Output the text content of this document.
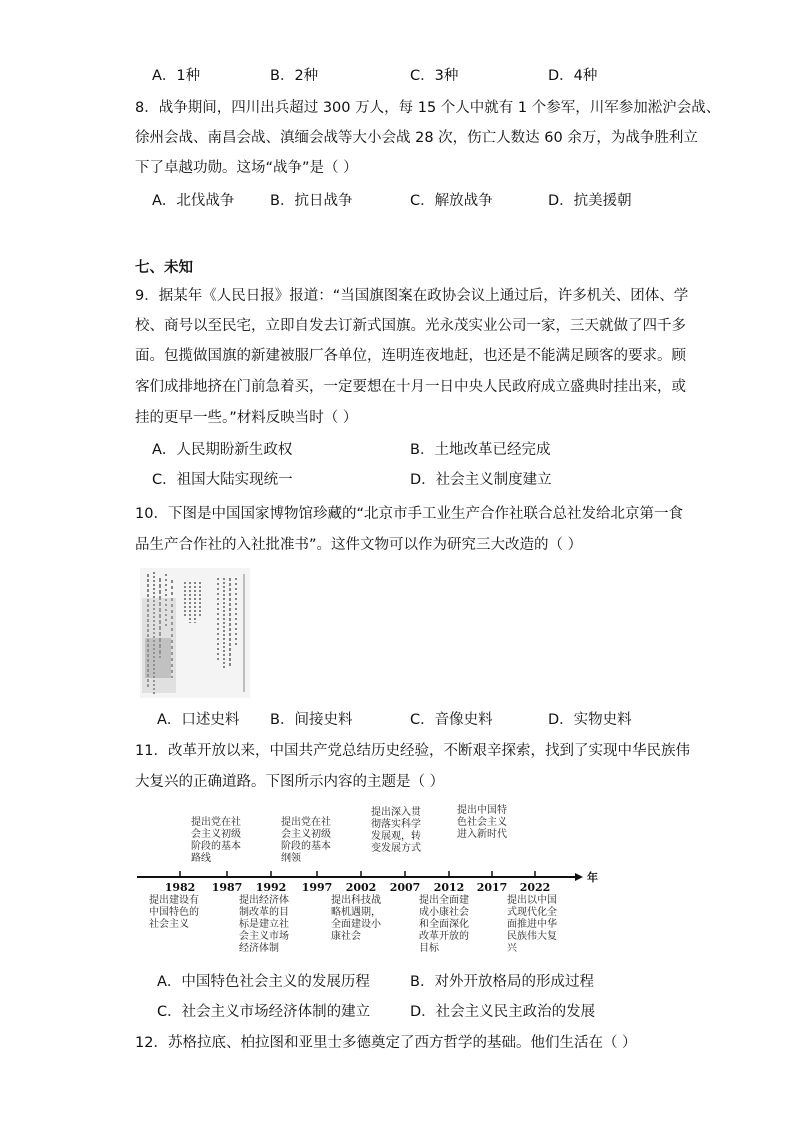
A．1种	B．2种	C．3种	D．4种
8．战争期间，四川出兵超过 300 万人，每 15 个人中就有 1 个参军，川军参加淞沪会战、
徐州会战、南昌会战、滇缅会战等大小会战 28 次，伤亡人数达 60 余万，为战争胜利立
下了卓越功勋。这场“战争”是（ ）
A．北伐战争 B．抗日战争	C．解放战争	D．抗美援朝
七、未知
9．据某年《人民日报》报道：“当国旗图案在政协会议上通过后，许多机关、团体、学
校、商号以至民宅，立即自发去订新式国旗。光永茂实业公司一家，三天就做了四千多
面。包揽做国旗的新建被服厂各单位，连明连夜地赶，也还是不能满足顾客的要求。顾
客们成排地挤在门前急着买，一定要想在十月一日中央人民政府成立盛典时挂出来，或
挂的更早一些。”材料反映当时（ ）
A．人民期盼新生政权	B．土地改革已经完成
C．祖国大陆实现统一	D．社会主义制度建立
10．下图是中国国家博物馆珍藏的“北京市手工业生产合作社联合总社发给北京第一食
品生产合作社的入社批准书”。这件文物可以作为研究三大改造的（ ）
A．口述史料 B．间接史料	C．音像史料	D．实物史料
11．改革开放以来，中国共产党总结历史经验，不断艰辛探索，找到了实现中华民族伟
大复兴的正确道路。下图所示内容的主题是（ ）
年
1982 1987 1992 1997 2002 2007 2012 2017 2022
提出党在社
会主义初级
阶段的基本
路线
提出党在社
会主义初级
阶段的基本
纲领
提出深入贯
彻落实科学
发展观，转
变发展方式
提出中国特
色社会主义
进入新时代
提出建设有
中国特色的
社会主义
提出经济体
制改革的目
标是建立社
会主义市场
经济体制
提出科技战
略机遇期，
全面建设小
康社会
提出全面建
成小康社会
和全面深化
改革开放的
目标
提出以中国
式现代化全
面推进中华
民族伟大复
兴
A．中国特色社会主义的发展历程	B．对外开放格局的形成过程
C．社会主义市场经济体制的建立	D．社会主义民主政治的发展
12．苏格拉底、柏拉图和亚里士多德奠定了西方哲学的基础。他们生活在（ ）
